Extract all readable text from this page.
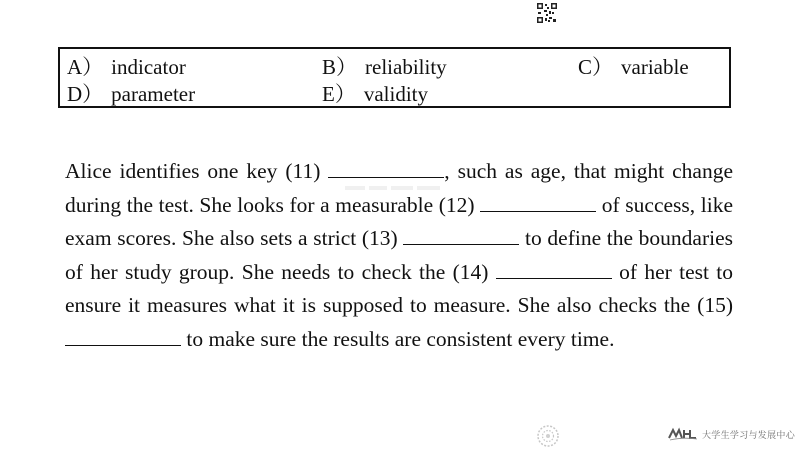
A） indicator	B） reliability	C） variable
D） parameter	E） validity
Alice identifies one key (11)	, such as age, that might change during the test. She looks for a measurable (12)	of success, like exam scores. She also sets a strict (13)	to define the boundaries of her study group. She needs to check the (14)	of her test to ensure it measures what it is supposed to measure. She also checks the (15)  to make sure the results are consistent every time.
大学生学习与发展中心
